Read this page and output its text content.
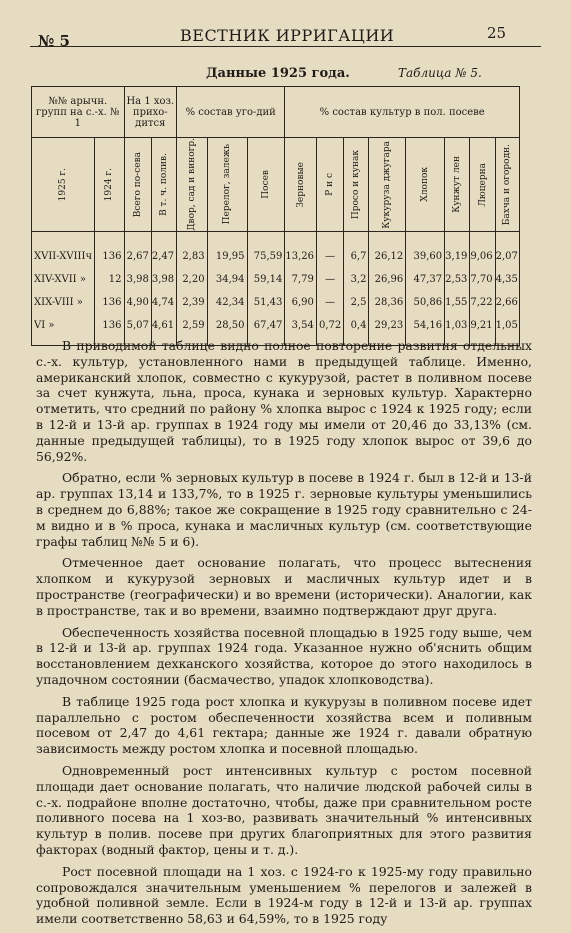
№ 5	ВЕСТНИК ИРРИГАЦИИ	25
Данные 1925 года.	Таблица № 5.
№№ арычн. групп на с.-х. № 1		На 1 хоз. прихо-дится		% состав уго-дий			% состав культур в пол. посеве							

1925 г.	1924 г.	Всего по-сева	В т. ч. полив.	Двор, сад и виногр.	Перелог, залежь	Посев	Зерновые	Р и с	Просо и кунак	Кукуруза джугара	Хлопок	Кунжут лен	Люцерна	Бахча и огородн.

XVII-XVIIIч	136	2,67	2,47	2,83	19,95	75,59	13,26	—	6,7	26,12	39,60	3,19	9,06	2,07
XIV-XVII »	12	3,98	3,98	2,20	34,94	59,14	7,79	—	3,2	26,96	47,37	2,53	7,70	4,35
XIX-VIII »	136	4,90	4,74	2,39	42,34	51,43	6,90	—	2,5	28,36	50,86	1,55	7,22	2,66
VI »	136	5,07	4,61	2,59	28,50	67,47	3,54	0,72	0,4	29,23	54,16	1,03	9,21	1,05

В приводимой таблице видно полное повторение развития отдельных с.-х. культур, установленного нами в предыдущей таблице. Именно, американский хлопок, совместно с кукурузой, растет в поливном посеве за счет кунжута, льна, проса, кунака и зерновых культур. Характерно отметить, что средний по району % хлопка вырос с 1924 к 1925 году; если в 12-й и 13-й ар. группах в 1924 году мы имели от 20,46 до 33,13% (см. данные предыдущей таблицы), то в 1925 году хлопок вырос от 39,6 до 56,92%.

Обратно, если % зерновых культур в посеве в 1924 г. был в 12-й и 13-й ар. группах 13,14 и 133,7%, то в 1925 г. зерновые культуры уменьшились в среднем до 6,88%; такое же сокращение в 1925 году сравнительно с 24-м видно и в % проса, кунака и масличных культур (см. соответствующие графы таблиц №№ 5 и 6).

Отмеченное дает основание полагать, что процесс вытеснения хлопком и кукурузой зерновых и масличных культур идет и в пространстве (географически) и во времени (исторически). Аналогии, как в пространстве, так и во времени, взаимно подтверждают друг друга.

Обеспеченность хозяйства посевной площадью в 1925 году выше, чем в 12-й и 13-й ар. группах 1924 года. Указанное нужно об'яснить общим восстановлением дехканского хозяйства, которое до этого находилось в упадочном состоянии (басмачество, упадок хлопководства).

В таблице 1925 года рост хлопка и кукурузы в поливном посеве идет параллельно с ростом обеспеченности хозяйства всем и поливным посевом от 2,47 до 4,61 гектара; данные же 1924 г. давали обратную зависимость между ростом хлопка и посевной площадью.

Одновременный рост интенсивных культур с ростом посевной площади дает основание полагать, что наличие людской рабочей силы в с.-х. подрайоне вполне достаточно, чтобы, даже при сравнительном росте поливного посева на 1 хоз-во, развивать значительный % интенсивных культур в полив. посеве при других благоприятных для этого развития факторах (водный фактор, цены и т. д.).

Рост посевной площади на 1 хоз. с 1924-го к 1925-му году правильно сопровождался значительным уменьшением % перелогов и залежей в удобной поливной земле. Если в 1924-м году в 12-й и 13-й ар. группах имели соответственно 58,63 и 64,59%, то в 1925 году
